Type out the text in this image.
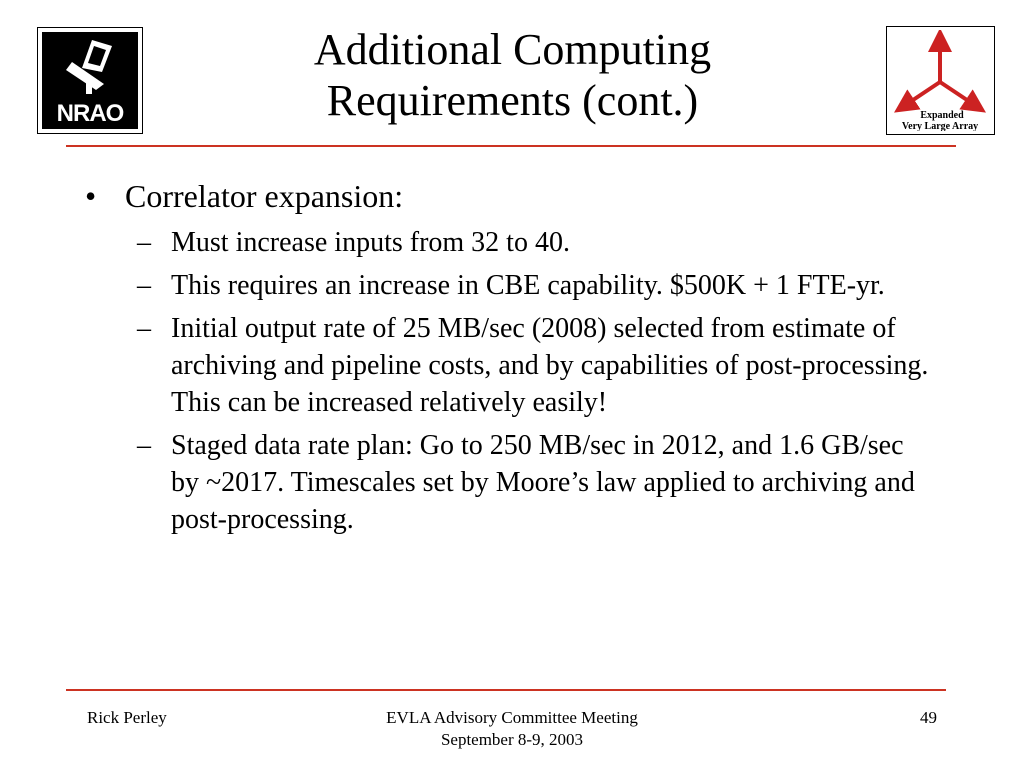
NRAO
Additional Computing
Requirements (cont.)	Expanded
Very Large Array
• Correlator expansion:
– Must increase inputs from 32 to 40.
– This requires an increase in CBE capability. $500K + 1 FTE-yr.
– Initial output rate of 25 MB/sec (2008) selected from estimate of archiving and pipeline costs, and by capabilities of post-processing. This can be increased relatively easily!
– Staged data rate plan: Go to 250 MB/sec in 2012, and 1.6 GB/sec by ~2017. Timescales set by Moore’s law applied to archiving and post-processing.
Rick Perley	EVLA Advisory Committee Meeting
September 8-9, 2003
49
